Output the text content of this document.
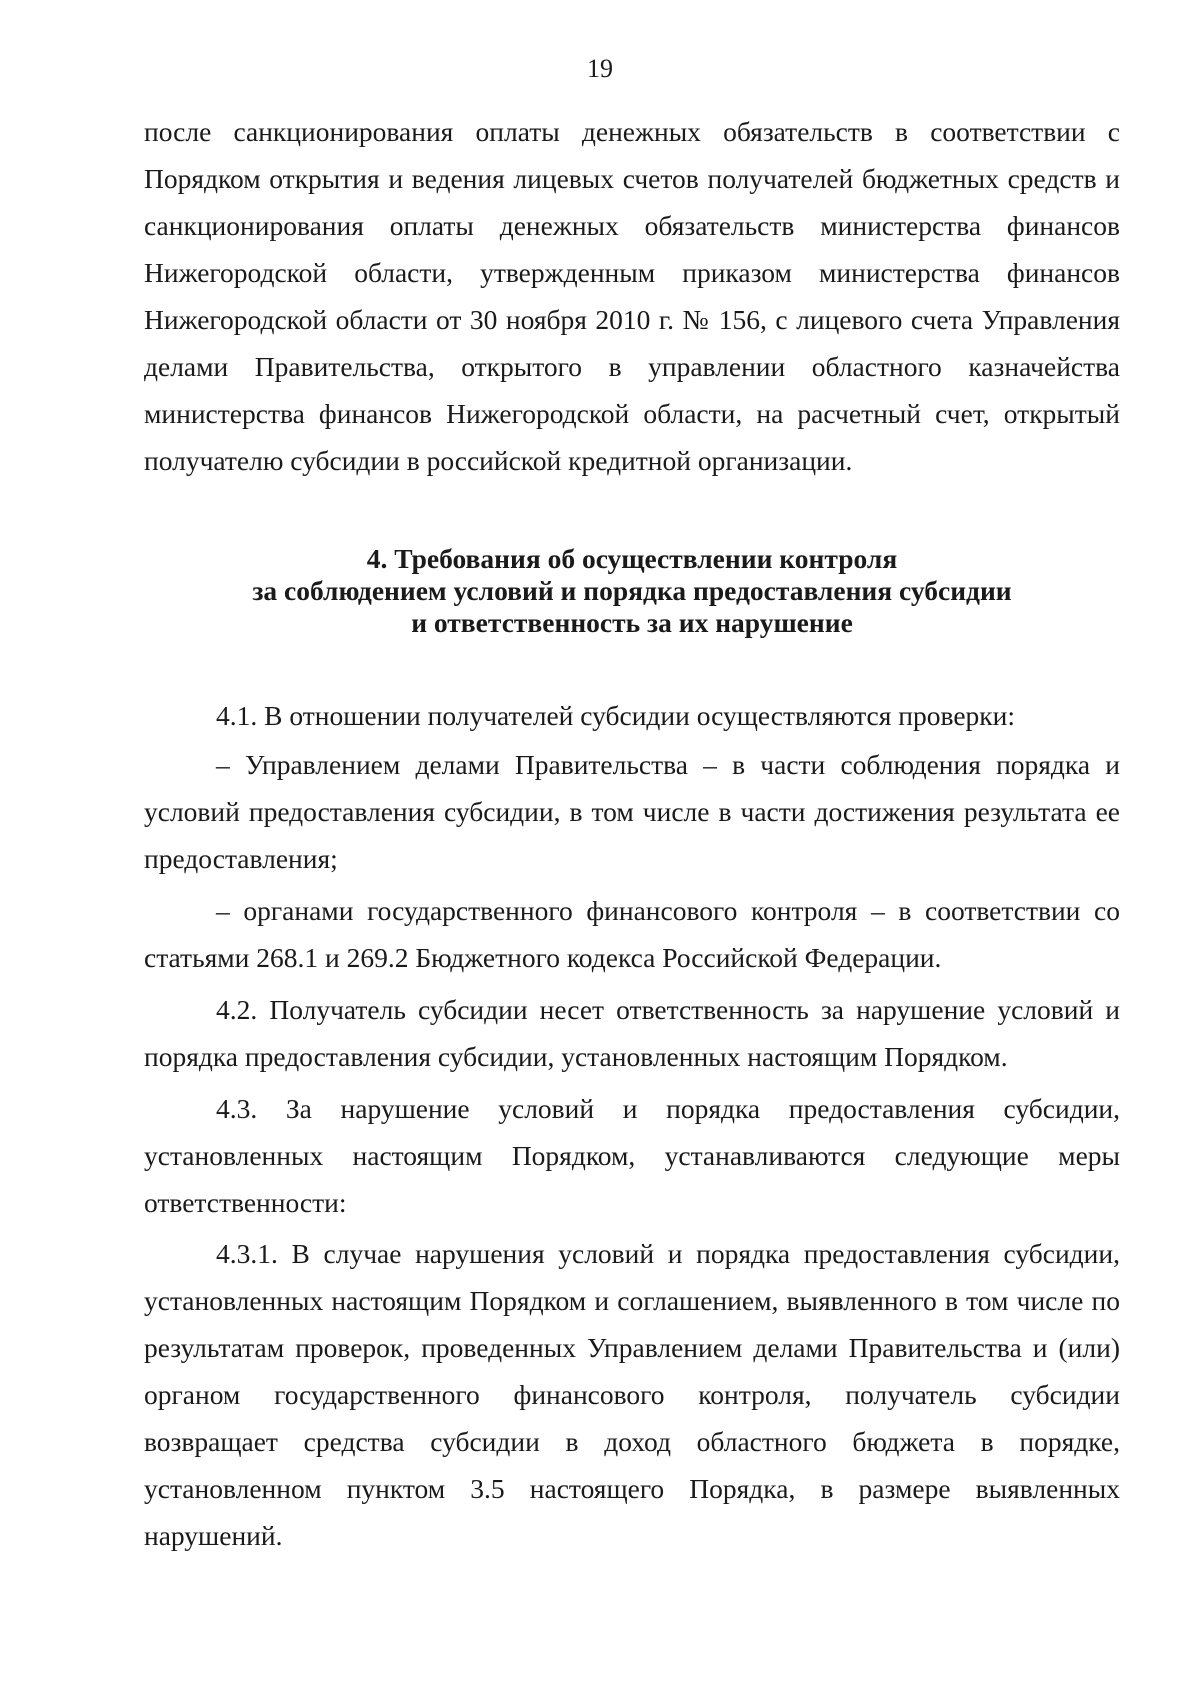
19

после санкционирования оплаты денежных обязательств в соответствии с Порядком открытия и ведения лицевых счетов получателей бюджетных средств и санкционирования оплаты денежных обязательств министерства финансов Нижегородской области, утвержденным приказом министерства финансов Нижегородской области от 30 ноября 2010 г. № 156, с лицевого счета Управления делами Правительства, открытого в управлении областного казначейства министерства финансов Нижегородской области, на расчетный счет, открытый получателю субсидии в российской кредитной организации.

4. Требования об осуществлении контроля
за соблюдением условий и порядка предоставления субсидии
и ответственность за их нарушение

4.1. В отношении получателей субсидии осуществляются проверки:

– Управлением делами Правительства – в части соблюдения порядка и условий предоставления субсидии, в том числе в части достижения результата ее предоставления;

– органами государственного финансового контроля – в соответствии со статьями 268.1 и 269.2 Бюджетного кодекса Российской Федерации.

4.2. Получатель субсидии несет ответственность за нарушение условий и порядка предоставления субсидии, установленных настоящим Порядком.

4.3. За нарушение условий и порядка предоставления субсидии, установленных настоящим Порядком, устанавливаются следующие меры ответственности:

4.3.1. В случае нарушения условий и порядка предоставления субсидии, установленных настоящим Порядком и соглашением, выявленного в том числе по результатам проверок, проведенных Управлением делами Правительства и (или) органом государственного финансового контроля, получатель субсидии возвращает средства субсидии в доход областного бюджета в порядке, установленном пунктом 3.5 настоящего Порядка, в размере выявленных нарушений.
